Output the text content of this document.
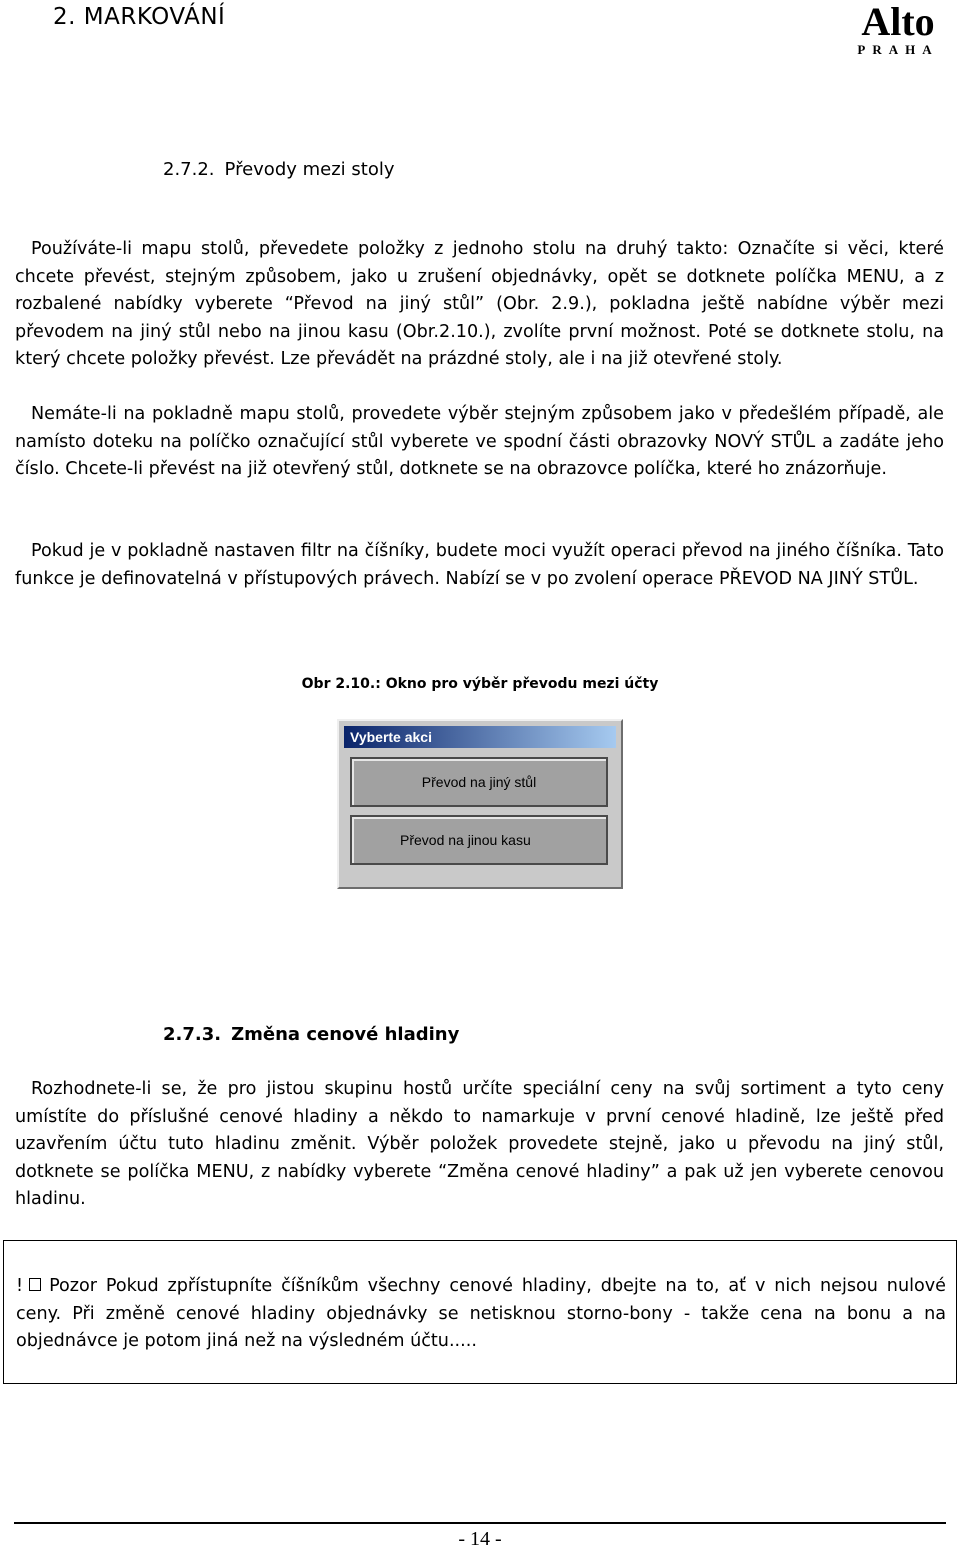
2. MARKOVÁNÍ	Alto
PRAHA
2.7.2. Převody mezi stoly

Používáte-li mapu stolů, převedete položky z jednoho stolu na druhý takto: Označíte si věci, které chcete převést, stejným způsobem, jako u zrušení objednávky, opět se dotknete políčka MENU, a z rozbalené nabídky vyberete “Převod na jiný stůl” (Obr. 2.9.), pokladna ještě nabídne výběr mezi převodem na jiný stůl nebo na jinou kasu (Obr.2.10.), zvolíte první možnost. Poté se dotknete stolu, na který chcete položky převést. Lze převádět na prázdné stoly, ale i na již otevřené stoly.

Nemáte-li na pokladně mapu stolů, provedete výběr stejným způsobem jako v předešlém případě, ale namísto doteku na políčko označující stůl vyberete ve spodní části obrazovky NOVÝ STŮL a zadáte jeho číslo. Chcete-li převést na již otevřený stůl, dotknete se na obrazovce políčka, které ho znázorňuje.

Pokud je v pokladně nastaven filtr na číšníky, budete moci využít operaci převod na jiného číšníka. Tato funkce je definovatelná v přístupových právech. Nabízí se v po zvolení operace PŘEVOD NA JINÝ STŮL.

Obr 2.10.: Okno pro výběr převodu mezi účty
Vyberte akci
Převod na jiný stůl
Převod na jinou kasu
2.7.3. Změna cenové hladiny

Rozhodnete-li se, že pro jistou skupinu hostů určíte speciální ceny na svůj sortiment a tyto ceny umístíte do příslušné cenové hladiny a někdo to namarkuje v první cenové hladině, lze ještě před uzavřením účtu tuto hladinu změnit. Výběr položek provedete stejně, jako u převodu na jiný stůl, dotknete se políčka MENU, z nabídky vyberete “Změna cenové hladiny” a pak už jen vyberete cenovou hladinu.

! Pozor Pokud zpřístupníte číšníkům všechny cenové hladiny, dbejte na to, ať v nich nejsou nulové ceny. Při změně cenové hladiny objednávky se netisknou storno-bony - takže cena na bonu a na objednávce je potom jiná než na výsledném účtu.....

- 14 -
